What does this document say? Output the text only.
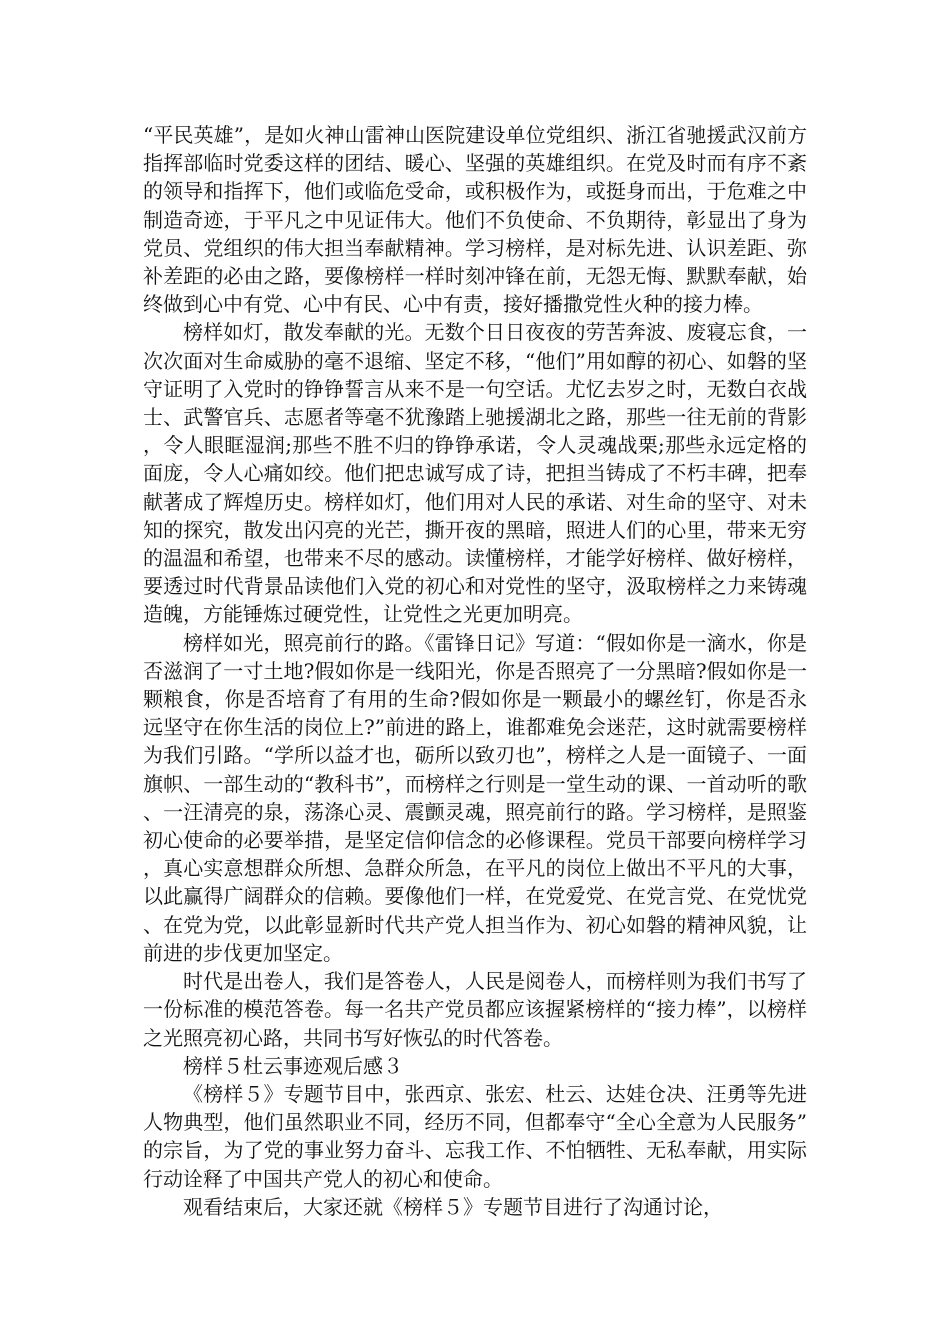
“平民英雄”，是如火神山雷神山医院建设单位党组织、浙江省驰援武汉前方指挥部临时党委这样的团结、暖心、坚强的英雄组织。在党及时而有序不紊的领导和指挥下，他们或临危受命，或积极作为，或挺身而出，于危难之中制造奇迹，于平凡之中见证伟大。他们不负使命、不负期待，彰显出了身为党员、党组织的伟大担当奉献精神。学习榜样，是对标先进、认识差距、弥补差距的必由之路，要像榜样一样时刻冲锋在前，无怨无悔、默默奉献，始终做到心中有党、心中有民、心中有责，接好播撒党性火种的接力棒。

榜样如灯，散发奉献的光。无数个日日夜夜的劳苦奔波、废寝忘食，一次次面对生命威胁的毫不退缩、坚定不移，“他们”用如醇的初心、如磐的坚守证明了入党时的铮铮誓言从来不是一句空话。尤忆去岁之时，无数白衣战士、武警官兵、志愿者等毫不犹豫踏上驰援湖北之路，那些一往无前的背影，令人眼眶湿润;那些不胜不归的铮铮承诺，令人灵魂战栗;那些永远定格的面庞，令人心痛如绞。他们把忠诚写成了诗，把担当铸成了不朽丰碑，把奉献著成了辉煌历史。榜样如灯，他们用对人民的承诺、对生命的坚守、对未知的探究，散发出闪亮的光芒，撕开夜的黑暗，照进人们的心里，带来无穷的温温和希望，也带来不尽的感动。读懂榜样，才能学好榜样、做好榜样，要透过时代背景品读他们入党的初心和对党性的坚守，汲取榜样之力来铸魂造魄，方能锤炼过硬党性，让党性之光更加明亮。

榜样如光，照亮前行的路。《雷锋日记》写道：“假如你是一滴水，你是否滋润了一寸土地?假如你是一线阳光，你是否照亮了一分黑暗?假如你是一颗粮食，你是否培育了有用的生命?假如你是一颗最小的螺丝钉，你是否永远坚守在你生活的岗位上?”前进的路上，谁都难免会迷茫，这时就需要榜样为我们引路。“学所以益才也，砺所以致刃也”，榜样之人是一面镜子、一面旗帜、一部生动的“教科书”，而榜样之行则是一堂生动的课、一首动听的歌、一汪清亮的泉，荡涤心灵、震颤灵魂，照亮前行的路。学习榜样，是照鉴初心使命的必要举措，是坚定信仰信念的必修课程。党员干部要向榜样学习，真心实意想群众所想、急群众所急，在平凡的岗位上做出不平凡的大事，以此赢得广阔群众的信赖。要像他们一样，在党爱党、在党言党、在党忧党、在党为党，以此彰显新时代共产党人担当作为、初心如磐的精神风貌，让前进的步伐更加坚定。

时代是出卷人，我们是答卷人，人民是阅卷人，而榜样则为我们书写了一份标准的模范答卷。每一名共产党员都应该握紧榜样的“接力棒”，以榜样之光照亮初心路，共同书写好恢弘的时代答卷。

榜样５杜云事迹观后感３

《榜样５》专题节目中，张西京、张宏、杜云、达娃仓决、汪勇等先进人物典型，他们虽然职业不同，经历不同，但都奉守“全心全意为人民服务”的宗旨，为了党的事业努力奋斗、忘我工作、不怕牺牲、无私奉献，用实际行动诠释了中国共产党人的初心和使命。

观看结束后，大家还就《榜样５》专题节目进行了沟通讨论，
